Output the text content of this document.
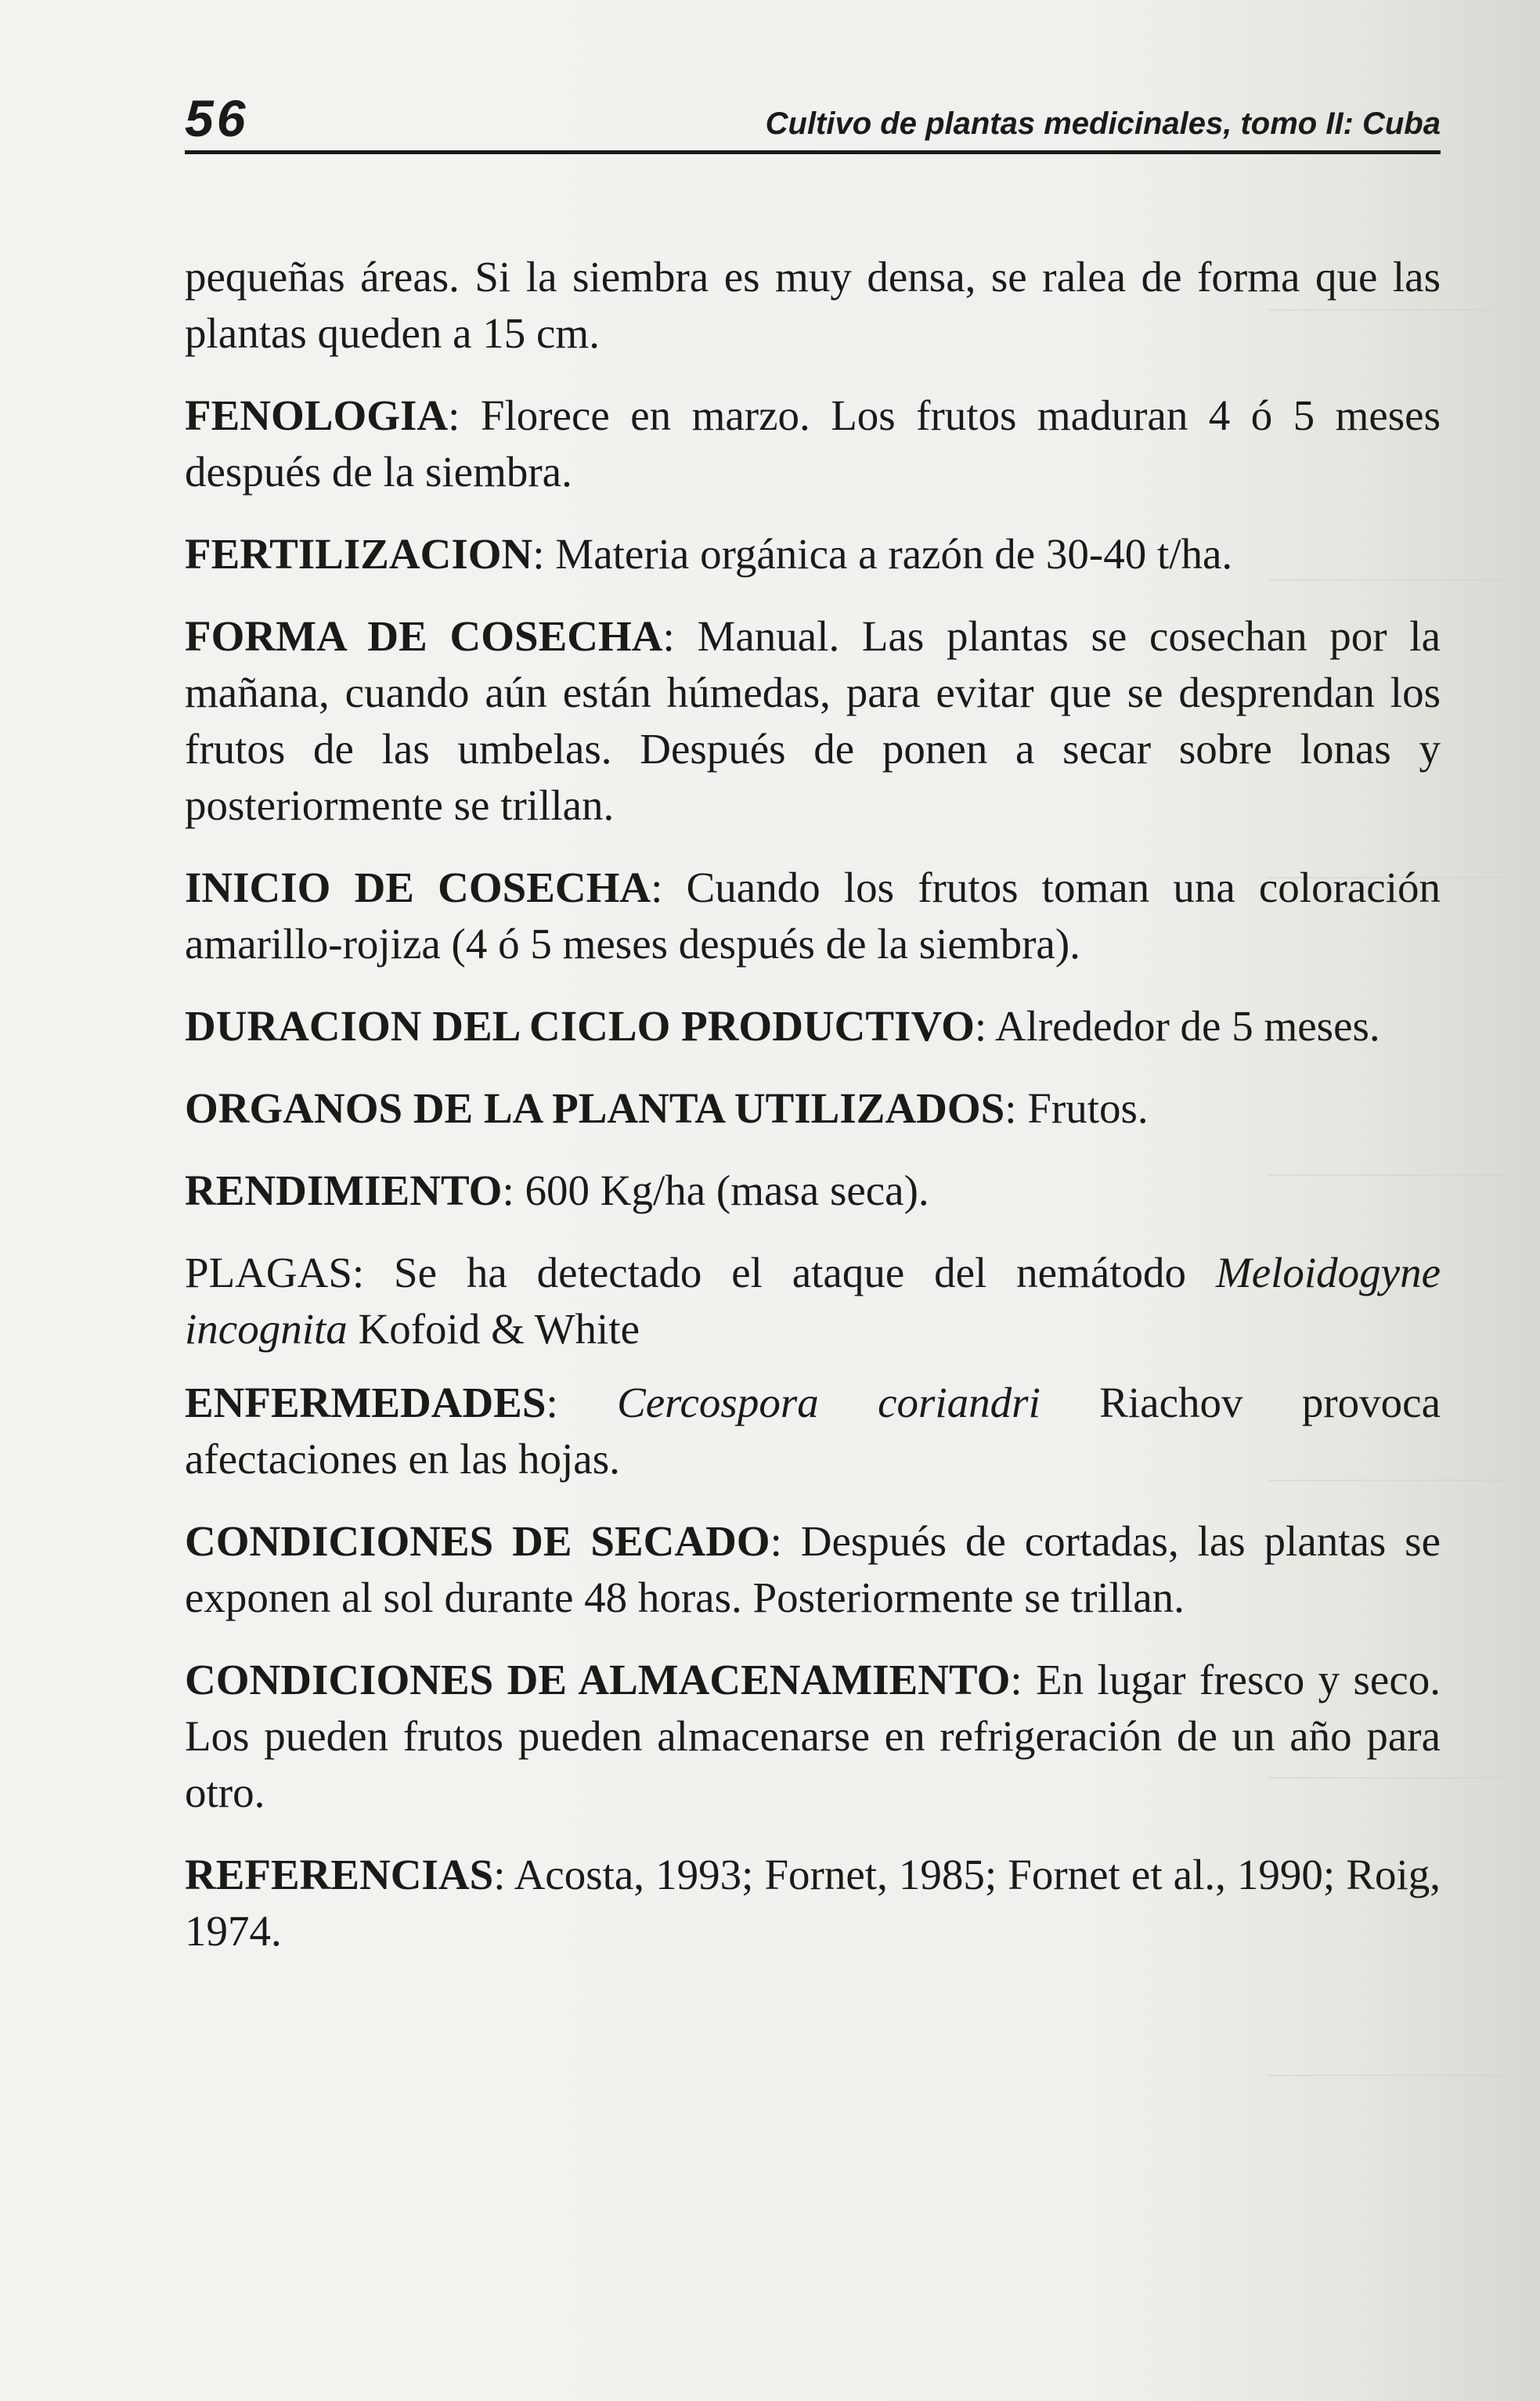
56	Cultivo de plantas medicinales, tomo II: Cuba

pequeñas áreas. Si la siembra es muy densa, se ralea de forma que las plantas queden a 15 cm.

FENOLOGIA: Florece en marzo. Los frutos maduran 4 ó 5 meses después de la siembra.

FERTILIZACION: Materia orgánica a razón de 30-40 t/ha.

FORMA DE COSECHA: Manual. Las plantas se cosechan por la mañana, cuando aún están húmedas, para evitar que se desprendan los frutos de las umbelas. Después de ponen a secar sobre lonas y posteriormente se trillan.

INICIO DE COSECHA: Cuando los frutos toman una coloración amarillo-rojiza (4 ó 5 meses después de la siembra).

DURACION DEL CICLO PRODUCTIVO: Alrededor de 5 meses.

ORGANOS DE LA PLANTA UTILIZADOS: Frutos.

RENDIMIENTO: 600 Kg/ha (masa seca).

PLAGAS: Se ha detectado el ataque del nemátodo Meloidogyne incognita Kofoid & White

ENFERMEDADES: Cercospora coriandri Riachov provoca afectaciones en las hojas.

CONDICIONES DE SECADO: Después de cortadas, las plantas se exponen al sol durante 48 horas. Posteriormente se trillan.

CONDICIONES DE ALMACENAMIENTO: En lugar fresco y seco. Los pueden frutos pueden almacenarse en refrigeración de un año para otro.

REFERENCIAS: Acosta, 1993; Fornet, 1985; Fornet et al., 1990; Roig, 1974.
